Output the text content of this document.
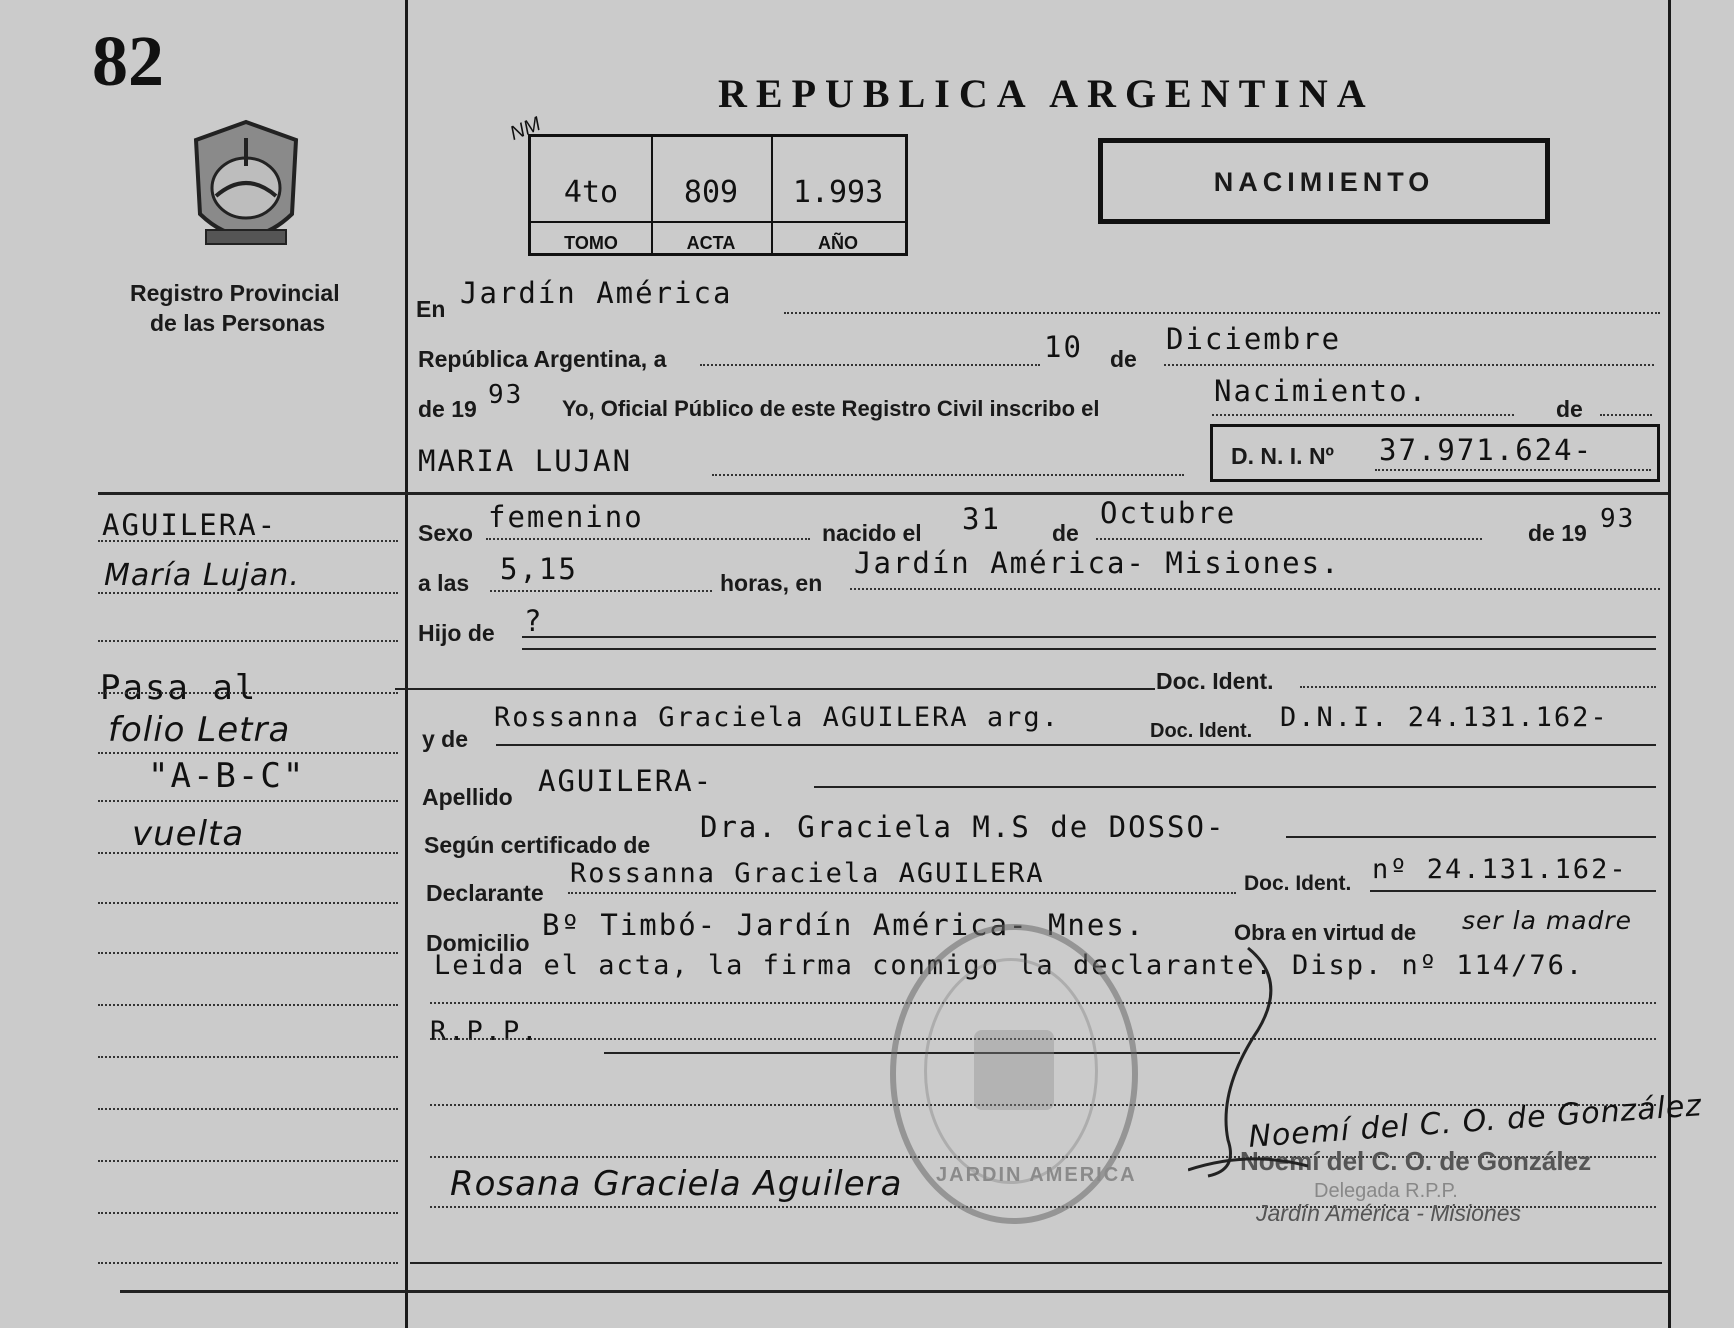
82
Registro Provincial
de las Personas
REPUBLICA ARGENTINA
NM
4to	809	1.993
TOMO	ACTA	AÑO
NACIMIENTO
En Jardín América
República Argentina, a	10 de
Diciembre
de 19 93 Yo, Oficial Público de este Registro Civil inscribo el
Nacimiento.
de
MARIA LUJAN	D. N. I. Nº 37.971.624-
Sexo femenino	nacido el 31 de
Octubre
de 19 93
a las 5,15	horas, en
Jardín América- Misiones.
Hijo de ?
Doc. Ident.
y de
Rossanna Graciela AGUILERA arg.	Doc. Ident. D.N.I. 24.131.162-
Apellido AGUILERA-
Según certificado de
Dra. Graciela M.S de DOSSO-
Declarante
Rossanna Graciela AGUILERA	Doc. Ident. nº 24.131.162-
Domicilio
Bº Timbó- Jardín América- Mnes.	Obra en virtud de ser la madre
Leida el acta, la firma conmigo la declarante. Disp. nº 114/76.
R.P.P.
AGUILERA-
María Lujan.
Pasa al
folio Letra
"A-B-C"
vuelta
JARDIN AMERICA
Rosana Graciela Aguilera
Noemí del C. O. de González
Noemí del C. O. de González
Delegada R.P.P.
Jardín América - Misiones
